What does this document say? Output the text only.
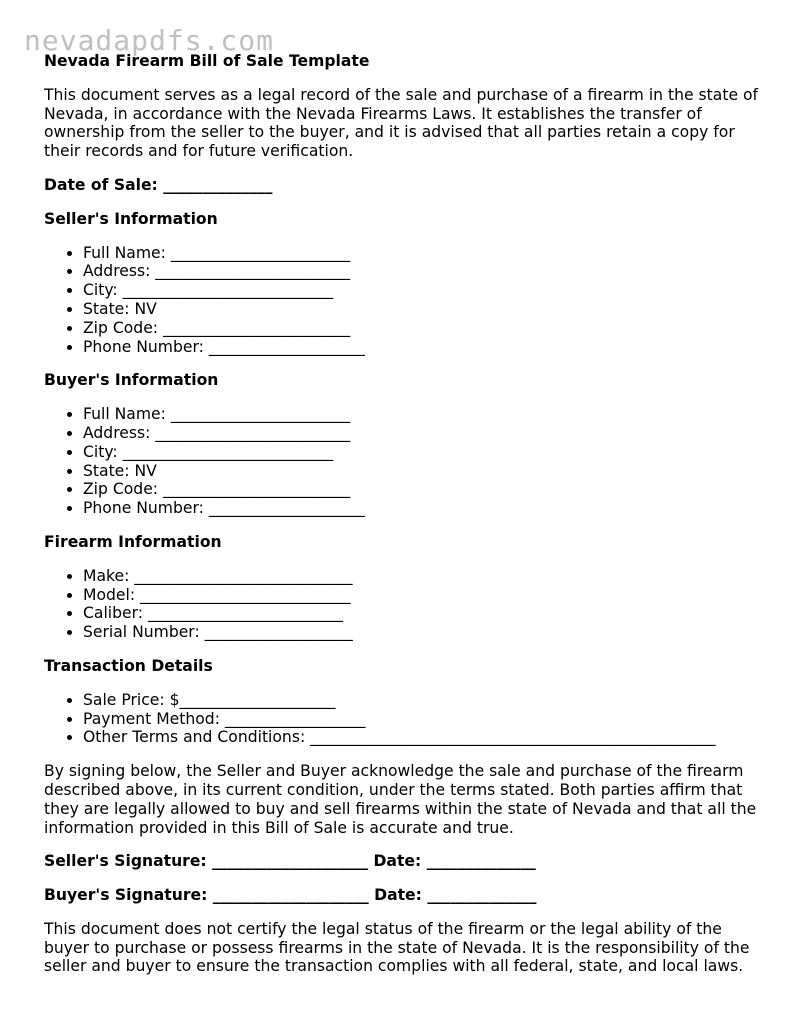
nevadapdfs.com
Nevada Firearm Bill of Sale Template

This document serves as a legal record of the sale and purchase of a firearm in the state of Nevada, in accordance with the Nevada Firearms Laws. It establishes the transfer of ownership from the seller to the buyer, and it is advised that all parties retain a copy for their records and for future verification.

Date of Sale: ______________
Seller's Information
• Full Name: _______________________
• Address: _________________________
• City: ___________________________
• State: NV
• Zip Code: ________________________
• Phone Number: ____________________
Buyer's Information
• Full Name: _______________________
• Address: _________________________
• City: ___________________________
• State: NV
• Zip Code: ________________________
• Phone Number: ____________________
Firearm Information
• Make: ____________________________
• Model: ___________________________
• Caliber: _________________________
• Serial Number: ___________________
Transaction Details
• Sale Price: $____________________
• Payment Method: __________________
• Other Terms and Conditions: ____________________________________________________

By signing below, the Seller and Buyer acknowledge the sale and purchase of the firearm described above, in its current condition, under the terms stated. Both parties affirm that they are legally allowed to buy and sell firearms within the state of Nevada and that all the information provided in this Bill of Sale is accurate and true.

Seller's Signature: ____________________ Date: ______________
Buyer's Signature: ____________________ Date: ______________

This document does not certify the legal status of the firearm or the legal ability of the buyer to purchase or possess firearms in the state of Nevada. It is the responsibility of the seller and buyer to ensure the transaction complies with all federal, state, and local laws.
